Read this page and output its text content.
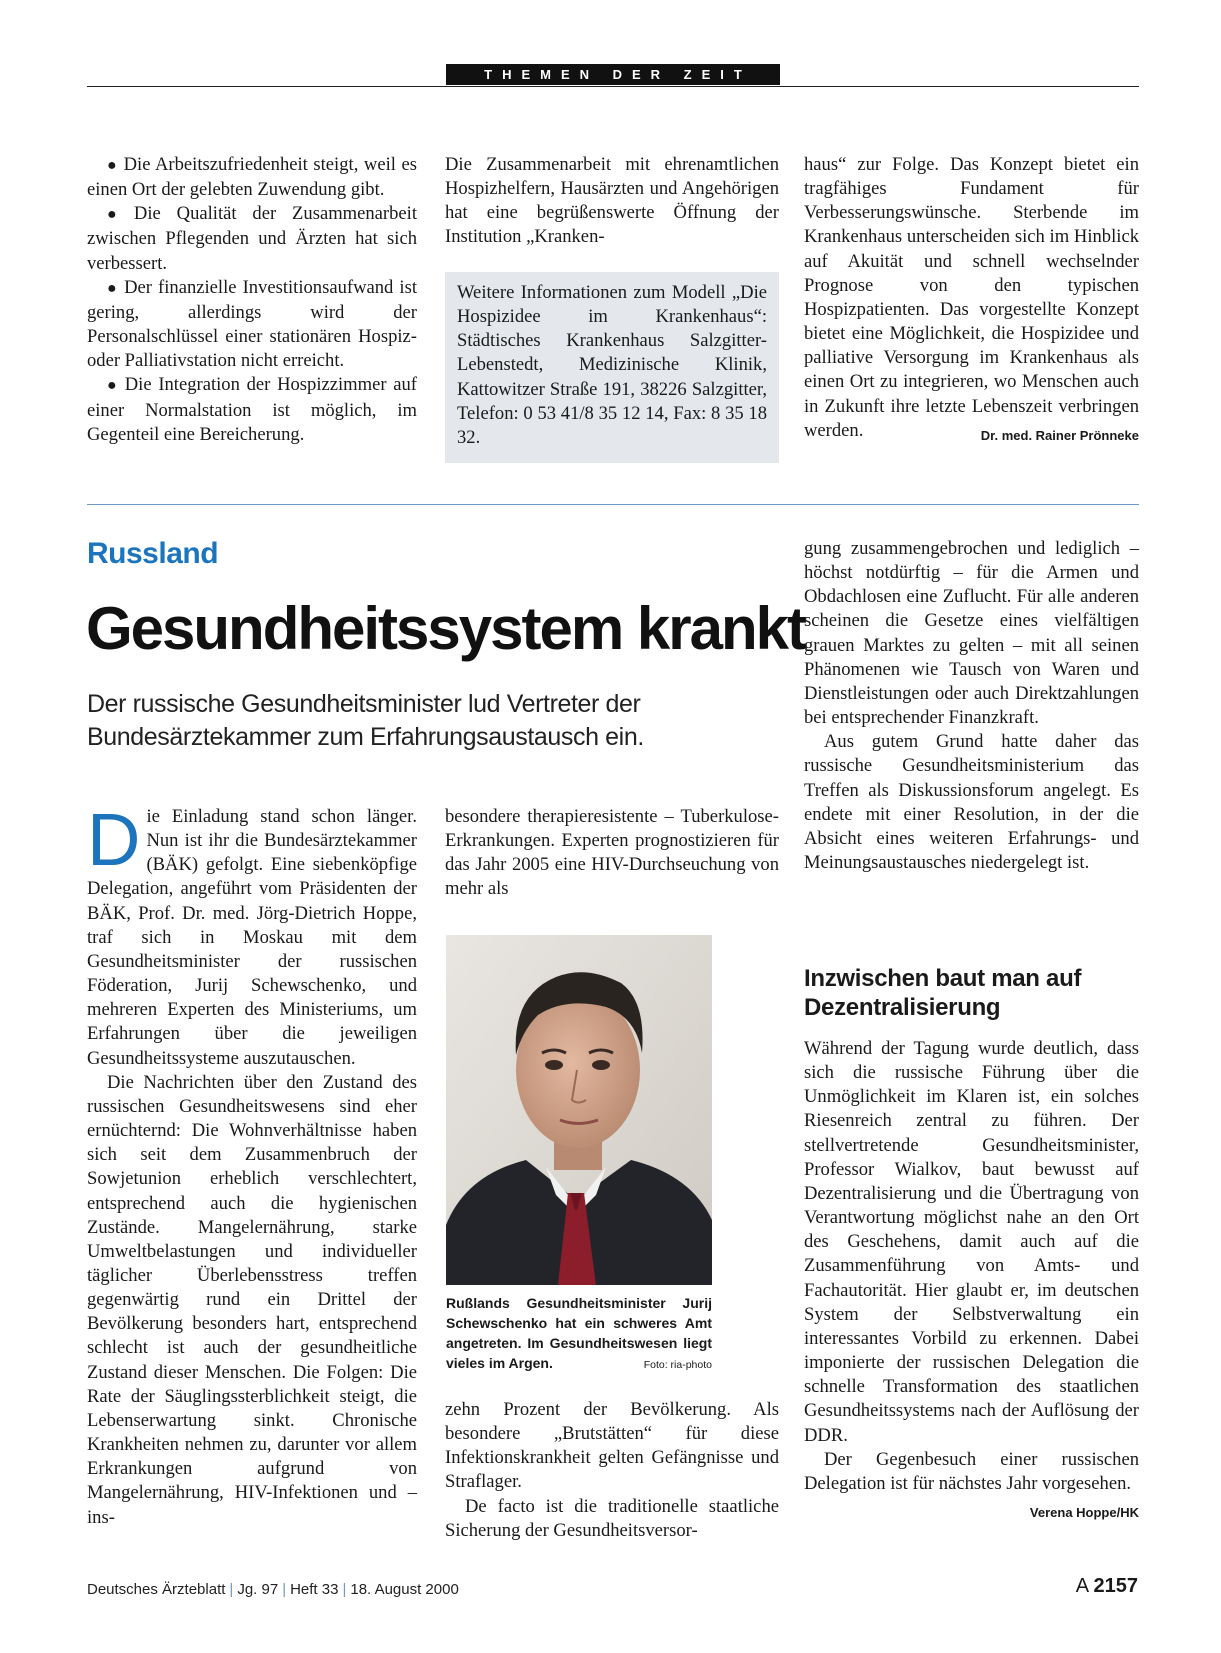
THEMEN DER ZEIT

● Die Arbeitszufriedenheit steigt, weil es einen Ort der gelebten Zuwendung gibt.

● Die Qualität der Zusammenarbeit zwischen Pflegenden und Ärzten hat sich verbessert.

● Der finanzielle Investitionsaufwand ist gering, allerdings wird der Personalschlüssel einer stationären Hospiz- oder Palliativstation nicht erreicht.

● Die Integration der Hospizzimmer auf einer Normalstation ist möglich, im Gegenteil eine Bereicherung.

Die Zusammenarbeit mit ehrenamtlichen Hospizhelfern, Hausärzten und Angehörigen hat eine begrüßenswerte Öffnung der Institution „Kranken-

Weitere Informationen zum Modell „Die Hospizidee im Krankenhaus“: Städtisches Krankenhaus Salzgitter-Lebenstedt, Medizinische Klinik, Kattowitzer Straße 191, 38226 Salzgitter, Telefon: 0 53 41/8 35 12 14, Fax: 8 35 18 32.

haus“ zur Folge. Das Konzept bietet ein tragfähiges Fundament für Verbesserungswünsche. Sterbende im Krankenhaus unterscheiden sich im Hinblick auf Akuität und schnell wechselnder Prognose von den typischen Hospizpatienten. Das vorgestellte Konzept bietet eine Möglichkeit, die Hospizidee und palliative Versorgung im Krankenhaus als einen Ort zu integrieren, wo Menschen auch in Zukunft ihre letzte Lebenszeit verbringen werden.	Dr. med. Rainer Prönneke

Russland
Gesundheitssystem krankt
Der russische Gesundheitsminister lud Vertreter der Bundesärztekammer zum Erfahrungsaustausch ein.

Die Einladung stand schon länger. Nun ist ihr die Bundesärztekammer (BÄK) gefolgt. Eine siebenköpfige Delegation, angeführt vom Präsidenten der BÄK, Prof. Dr. med. Jörg-Dietrich Hoppe, traf sich in Moskau mit dem Gesundheitsminister der russischen Föderation, Jurij Schewschenko, und mehreren Experten des Ministeriums, um Erfahrungen über die jeweiligen Gesundheitssysteme auszutauschen.

Die Nachrichten über den Zustand des russischen Gesundheitswesens sind eher ernüchternd: Die Wohnverhältnisse haben sich seit dem Zusammenbruch der Sowjetunion erheblich verschlechtert, entsprechend auch die hygienischen Zustände. Mangelernährung, starke Umweltbelastungen und individueller täglicher Überlebensstress treffen gegenwärtig rund ein Drittel der Bevölkerung besonders hart, entsprechend schlecht ist auch der gesundheitliche Zustand dieser Menschen. Die Folgen: Die Rate der Säuglingssterblichkeit steigt, die Lebenserwartung sinkt. Chronische Krankheiten nehmen zu, darunter vor allem Erkrankungen aufgrund von Mangelernährung, HIV-Infektionen und – ins-

besondere therapieresistente – Tuberkulose-Erkrankungen. Experten prognostizieren für das Jahr 2005 eine HIV-Durchseuchung von mehr als

Rußlands Gesundheitsminister Jurij Schewschenko hat ein schweres Amt angetreten. Im Gesundheitswesen liegt vieles im Argen.	Foto: ria-photo

zehn Prozent der Bevölkerung. Als besondere „Brutstätten“ für diese Infektionskrankheit gelten Gefängnisse und Straflager.

De facto ist die traditionelle staatliche Sicherung der Gesundheitsversor-

gung zusammengebrochen und lediglich – höchst notdürftig – für die Armen und Obdachlosen eine Zuflucht. Für alle anderen scheinen die Gesetze eines vielfältigen grauen Marktes zu gelten – mit all seinen Phänomenen wie Tausch von Waren und Dienstleistungen oder auch Direktzahlungen bei entsprechender Finanzkraft.

Aus gutem Grund hatte daher das russische Gesundheitsministerium das Treffen als Diskussionsforum angelegt. Es endete mit einer Resolution, in der die Absicht eines weiteren Erfahrungs- und Meinungsaustausches niedergelegt ist.

Inzwischen baut man auf Dezentralisierung

Während der Tagung wurde deutlich, dass sich die russische Führung über die Unmöglichkeit im Klaren ist, ein solches Riesenreich zentral zu führen. Der stellvertretende Gesundheitsminister, Professor Wialkov, baut bewusst auf Dezentralisierung und die Übertragung von Verantwortung möglichst nahe an den Ort des Geschehens, damit auch auf die Zusammenführung von Amts- und Fachautorität. Hier glaubt er, im deutschen System der Selbstverwaltung ein interessantes Vorbild zu erkennen. Dabei imponierte der russischen Delegation die schnelle Transformation des staatlichen Gesundheitssystems nach der Auflösung der DDR.

Der Gegenbesuch einer russischen Delegation ist für nächstes Jahr vorgesehen.
Verena Hoppe/HK

Deutsches Ärzteblatt | Jg. 97 | Heft 33 | 18. August 2000	A 2157
